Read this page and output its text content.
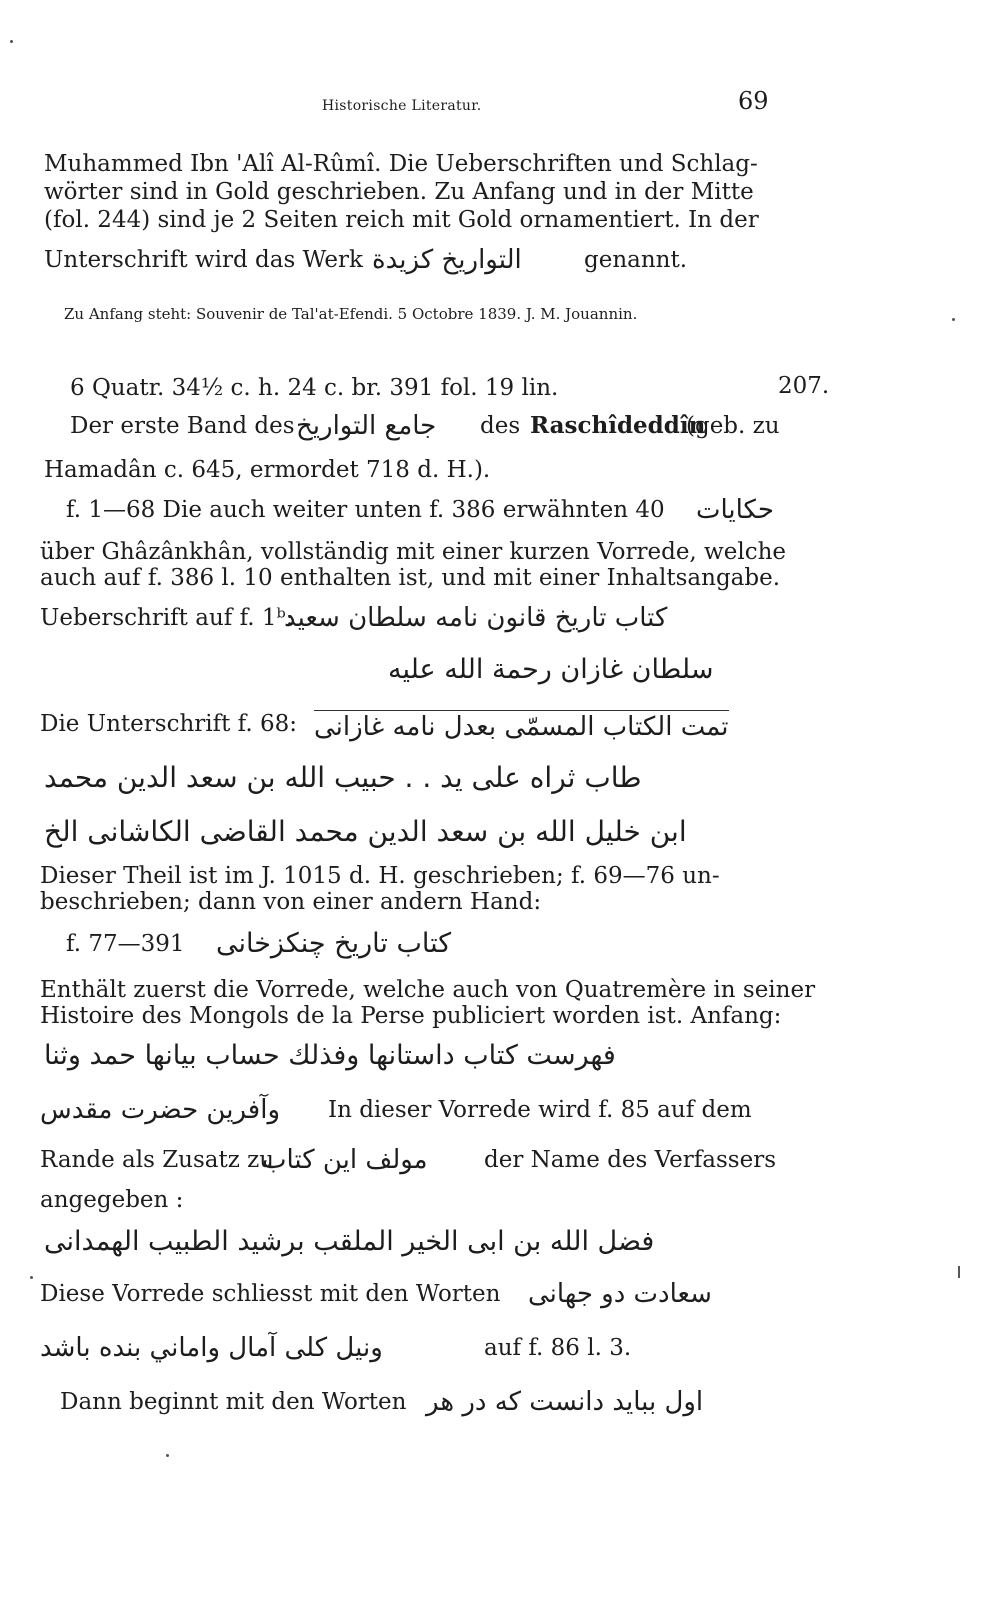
Historische Literatur.	69
Muhammed Ibn 'Alî Al-Rûmî. Die Ueberschriften und Schlag-
wörter sind in Gold geschrieben. Zu Anfang und in der Mitte
(fol. 244) sind je 2 Seiten reich mit Gold ornamentiert. In der
Unterschrift wird das Werk التواريخ كزيدة	genannt.
Zu Anfang steht: Souvenir de Tal'at-Efendi. 5 Octobre 1839. J. M. Jouannin.
207.
6 Quatr. 34½ c. h. 24 c. br. 391 fol. 19 lin.
Der erste Band des جامع التواريخ des Raschîdeddîn
(geb. zu
Hamadân c. 645, ermordet 718 d. H.).
f. 1—68 Die auch weiter unten f. 386 erwähnten 40 حكايات
über Ghâzânkhân, vollständig mit einer kurzen Vorrede, welche
auch auf f. 386 l. 10 enthalten ist, und mit einer Inhaltsangabe.
Ueberschrift auf f. 1ᵇ:
كتاب تاريخ قانون نامه سلطان سعيد
سلطان غازان رحمة الله عليه
Die Unterschrift f. 68: تمت الكتاب المسمّى بعدل نامه غازانى
طاب ثراه على يد . . حبيب الله بن سعد الدين محمد
ابن خليل الله بن سعد الدين محمد القاضى الكاشانى الخ
Dieser Theil ist im J. 1015 d. H. geschrieben; f. 69—76 un-
beschrieben; dann von einer andern Hand:
f. 77—391 كتاب تاريخ چنكزخانى
Enthält zuerst die Vorrede, welche auch von Quatremère in seiner
Histoire des Mongols de la Perse publiciert worden ist. Anfang:
فهرست كتاب داستانها وفذلك حساب بيانها حمد وثنا
وآفرين حضرت مقدس In dieser Vorrede wird f. 85 auf dem
Rande als Zusatz zu
مولف اين كتاب der Name des Verfassers
angegeben :
فضل الله بن ابى الخير الملقب برشيد الطبيب الهمدانى
Diese Vorrede schliesst mit den Worten سعادت دو جهانى
ونيل كلى آمال واماني بنده باشد	auf f. 86 l. 3.
Dann beginnt mit den Worten اول ببايد دانست كه در هر
